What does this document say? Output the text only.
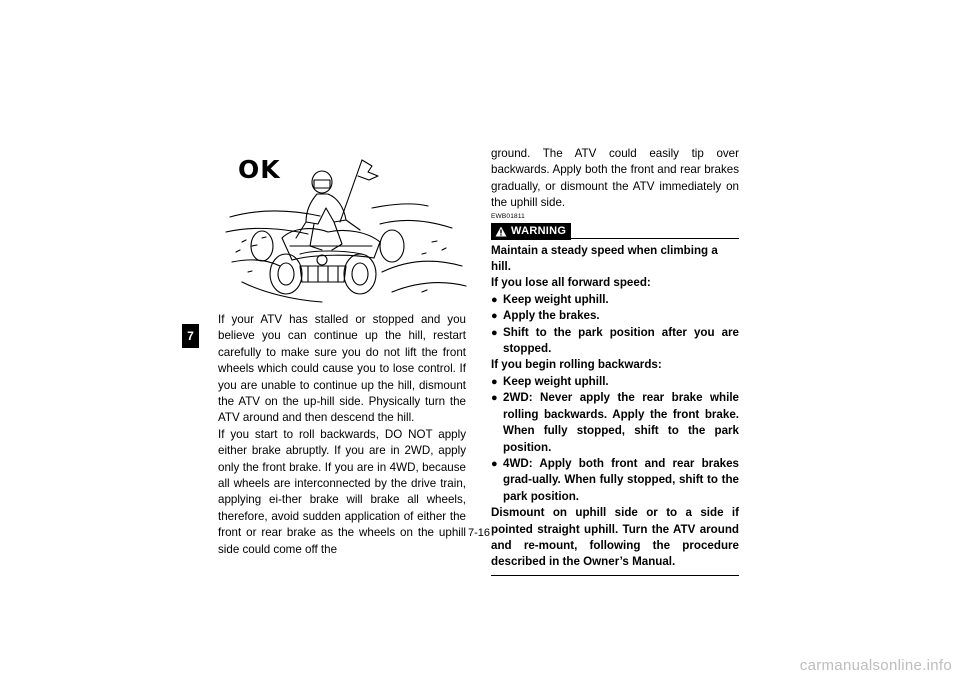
7
OK

If your ATV has stalled or stopped and you believe you can continue up the hill, restart carefully to make sure you do not lift the front wheels which could cause you to lose control. If you are unable to continue up the hill, dismount the ATV on the up-hill side. Physically turn the ATV around and then descend the hill.

If you start to roll backwards, DO NOT apply either brake abruptly. If you are in 2WD, apply only the front brake. If you are in 4WD, because all wheels are interconnected by the drive train, applying ei-ther brake will brake all wheels, therefore, avoid sudden application of either the front or rear brake as the wheels on the uphill side could come off the

ground. The ATV could easily tip over backwards. Apply both the front and rear brakes gradually, or dismount the ATV immediately on the uphill side.

EWB01811
WARNING

Maintain a steady speed when climbing a hill.

If you lose all forward speed:

● Keep weight uphill.
● Apply the brakes.
● Shift to the park position after you are stopped.

If you begin rolling backwards:

● Keep weight uphill.
● 2WD: Never apply the rear brake while rolling backwards. Apply the front brake. When fully stopped, shift to the park position.
● 4WD: Apply both front and rear brakes grad-ually. When fully stopped, shift to the park position.

Dismount on uphill side or to a side if pointed straight uphill. Turn the ATV around and re-mount, following the procedure described in the Owner’s Manual.

7-16
carmanualsonline.info
